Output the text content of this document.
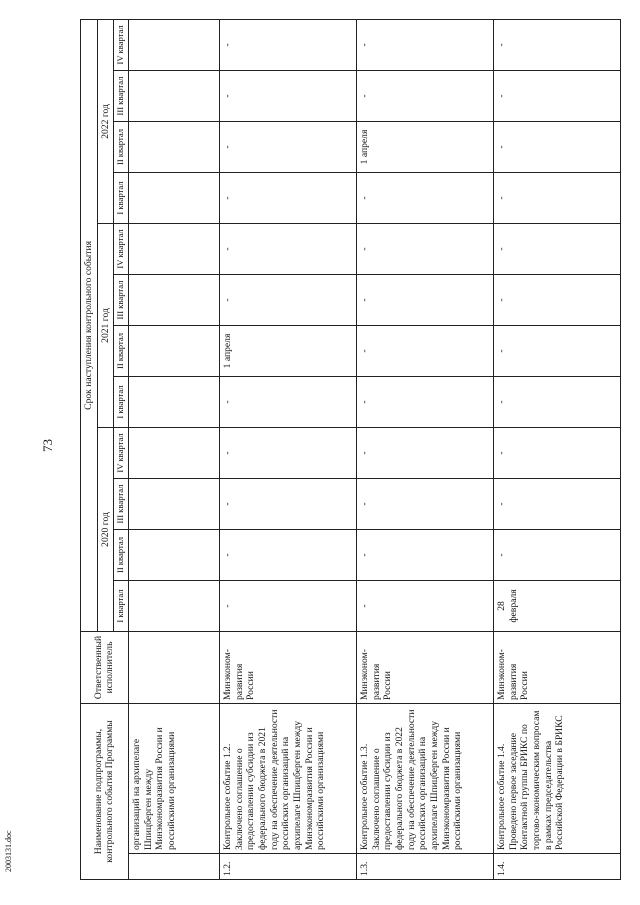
73
2003131.doc	Наименование подпрограммы, контрольного события Программы		Ответственный исполнитель	Срок наступления контрольного события											
			2020 год				2021 год				2022 год			
			I квартал	II квартал	III квартал	IV квартал	I квартал	II квартал	III квартал	IV квартал	I квартал	II квартал	III квартал	IV квартал
	организаций на архипелаге Шпицберген между Минэкономразвития России и российскими организациями													
1.2.	Контрольное событие 1.2. Заключено соглашение о предоставлении субсидии из федерального бюджета в 2021 году на обеспечение деятельности российских организаций на архипелаге Шпицберген между Минэкономразвития России и российскими организациями	Минэконом-развития России	-	-	-	-	-	1 апреля	-	-	-	-	-	-
1.3.	Контрольное событие 1.3. Заключено соглашение о предоставлении субсидии из федерального бюджета в 2022 году на обеспечение деятельности российских организаций на архипелаге Шпицберген между Минэкономразвития России и российскими организациями	Минэконом-развития России	-	-	-	-	-	-	-	-	-	1 апреля	-	-
1.4.	Контрольное событие 1.4. Проведено первое заседание Контактной группы БРИКС по торгово-экономическим вопросам в рамках председательства Российской Федерации в БРИКС	Минэконом-развития России	28 февраля	-	-	-	-	-	-	-	-	-	-	-
